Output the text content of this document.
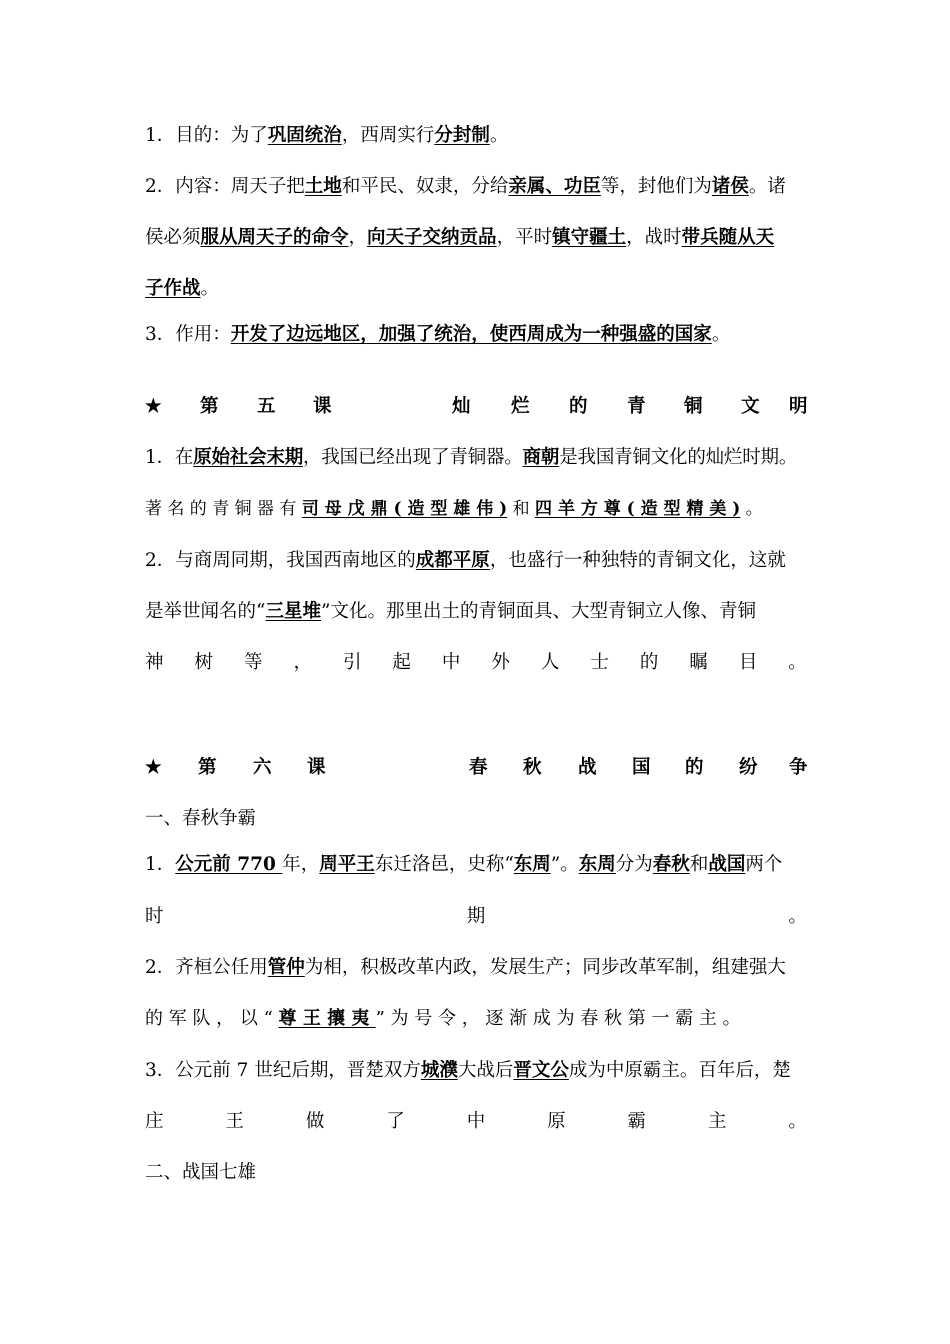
1．目的：为了巩固统治，西周实行分封制。
2．内容：周天子把土地和平民、奴隶，分给亲属、功臣等，封他们为诸侯。诸
侯必须服从周天子的命令，向天子交纳贡品，平时镇守疆土，战时带兵随从天
子作战。
3．作用：开发了边远地区，加强了统治，使西周成为一种强盛的国家。
★ 第 五 课	灿 烂 的 青 铜 文 明
1．在原始社会末期，我国已经出现了青铜器。商朝是我国青铜文化的灿烂时期。
著 名 的 青 铜 器 有 司 母 戊 鼎 ( 造 型 雄 伟 ) 和 四 羊 方 尊 ( 造 型 精 美 ) 。
2．与商周同期，我国西南地区的成都平原，也盛行一种独特的青铜文化，这就
是举世闻名的“三星堆”文化。那里出土的青铜面具、大型青铜立人像、青铜
神 树 等 ， 引 起 中 外 人 士 的 瞩 目 。
★ 第 六 课	春 秋 战 国 的 纷 争
一、春秋争霸
1．公元前 770 年，周平王东迁洛邑，史称“东周”。东周分为春秋和战国两个
时	期	。
2．齐桓公任用管仲为相，积极改革内政，发展生产；同步改革军制，组建强大
的 军 队 ， 以 “ 尊 王 攘 夷 ” 为 号 令 ， 逐 渐 成 为 春 秋 第 一 霸 主 。
3．公元前 7 世纪后期，晋楚双方城濮大战后晋文公成为中原霸主。百年后，楚
庄	王	做	了	中	原	霸	主	。
二、战国七雄
